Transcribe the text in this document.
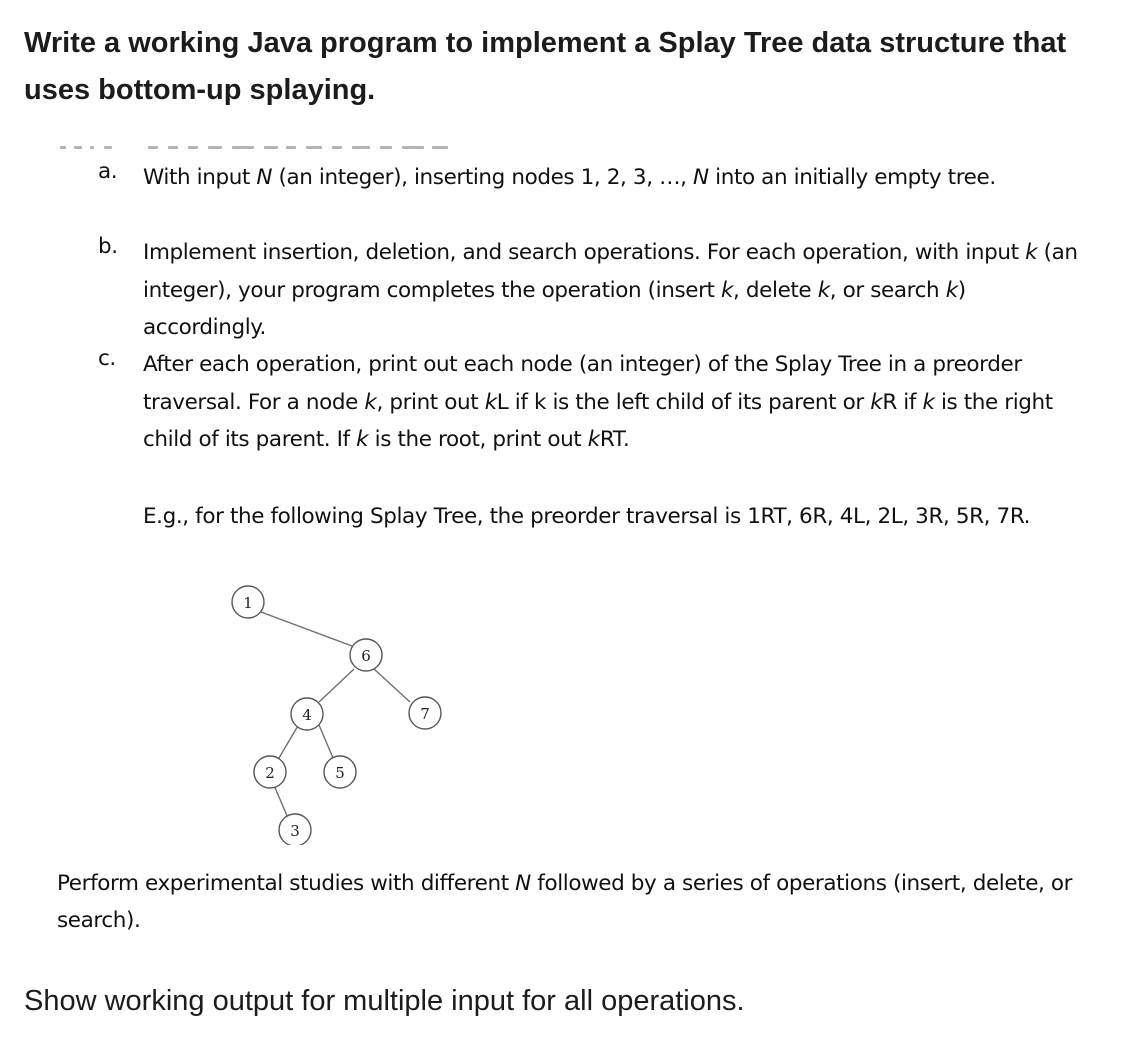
Write a working Java program to implement a Splay Tree data structure that uses bottom-up splaying.
a. With input N (an integer), inserting nodes 1, 2, 3, …, N into an initially empty tree.
b. Implement insertion, deletion, and search operations. For each operation, with input k (an integer), your program completes the operation (insert k, delete k, or search k) accordingly.
c. After each operation, print out each node (an integer) of the Splay Tree in a preorder traversal. For a node k, print out kL if k is the left child of its parent or kR if k is the right child of its parent. If k is the root, print out kRT.
E.g., for the following Splay Tree, the preorder traversal is 1RT, 6R, 4L, 2L, 3R, 5R, 7R.
1
6
4	7
2	5
3
Perform experimental studies with different N followed by a series of operations (insert, delete, or search).

Show working output for multiple input for all operations.
